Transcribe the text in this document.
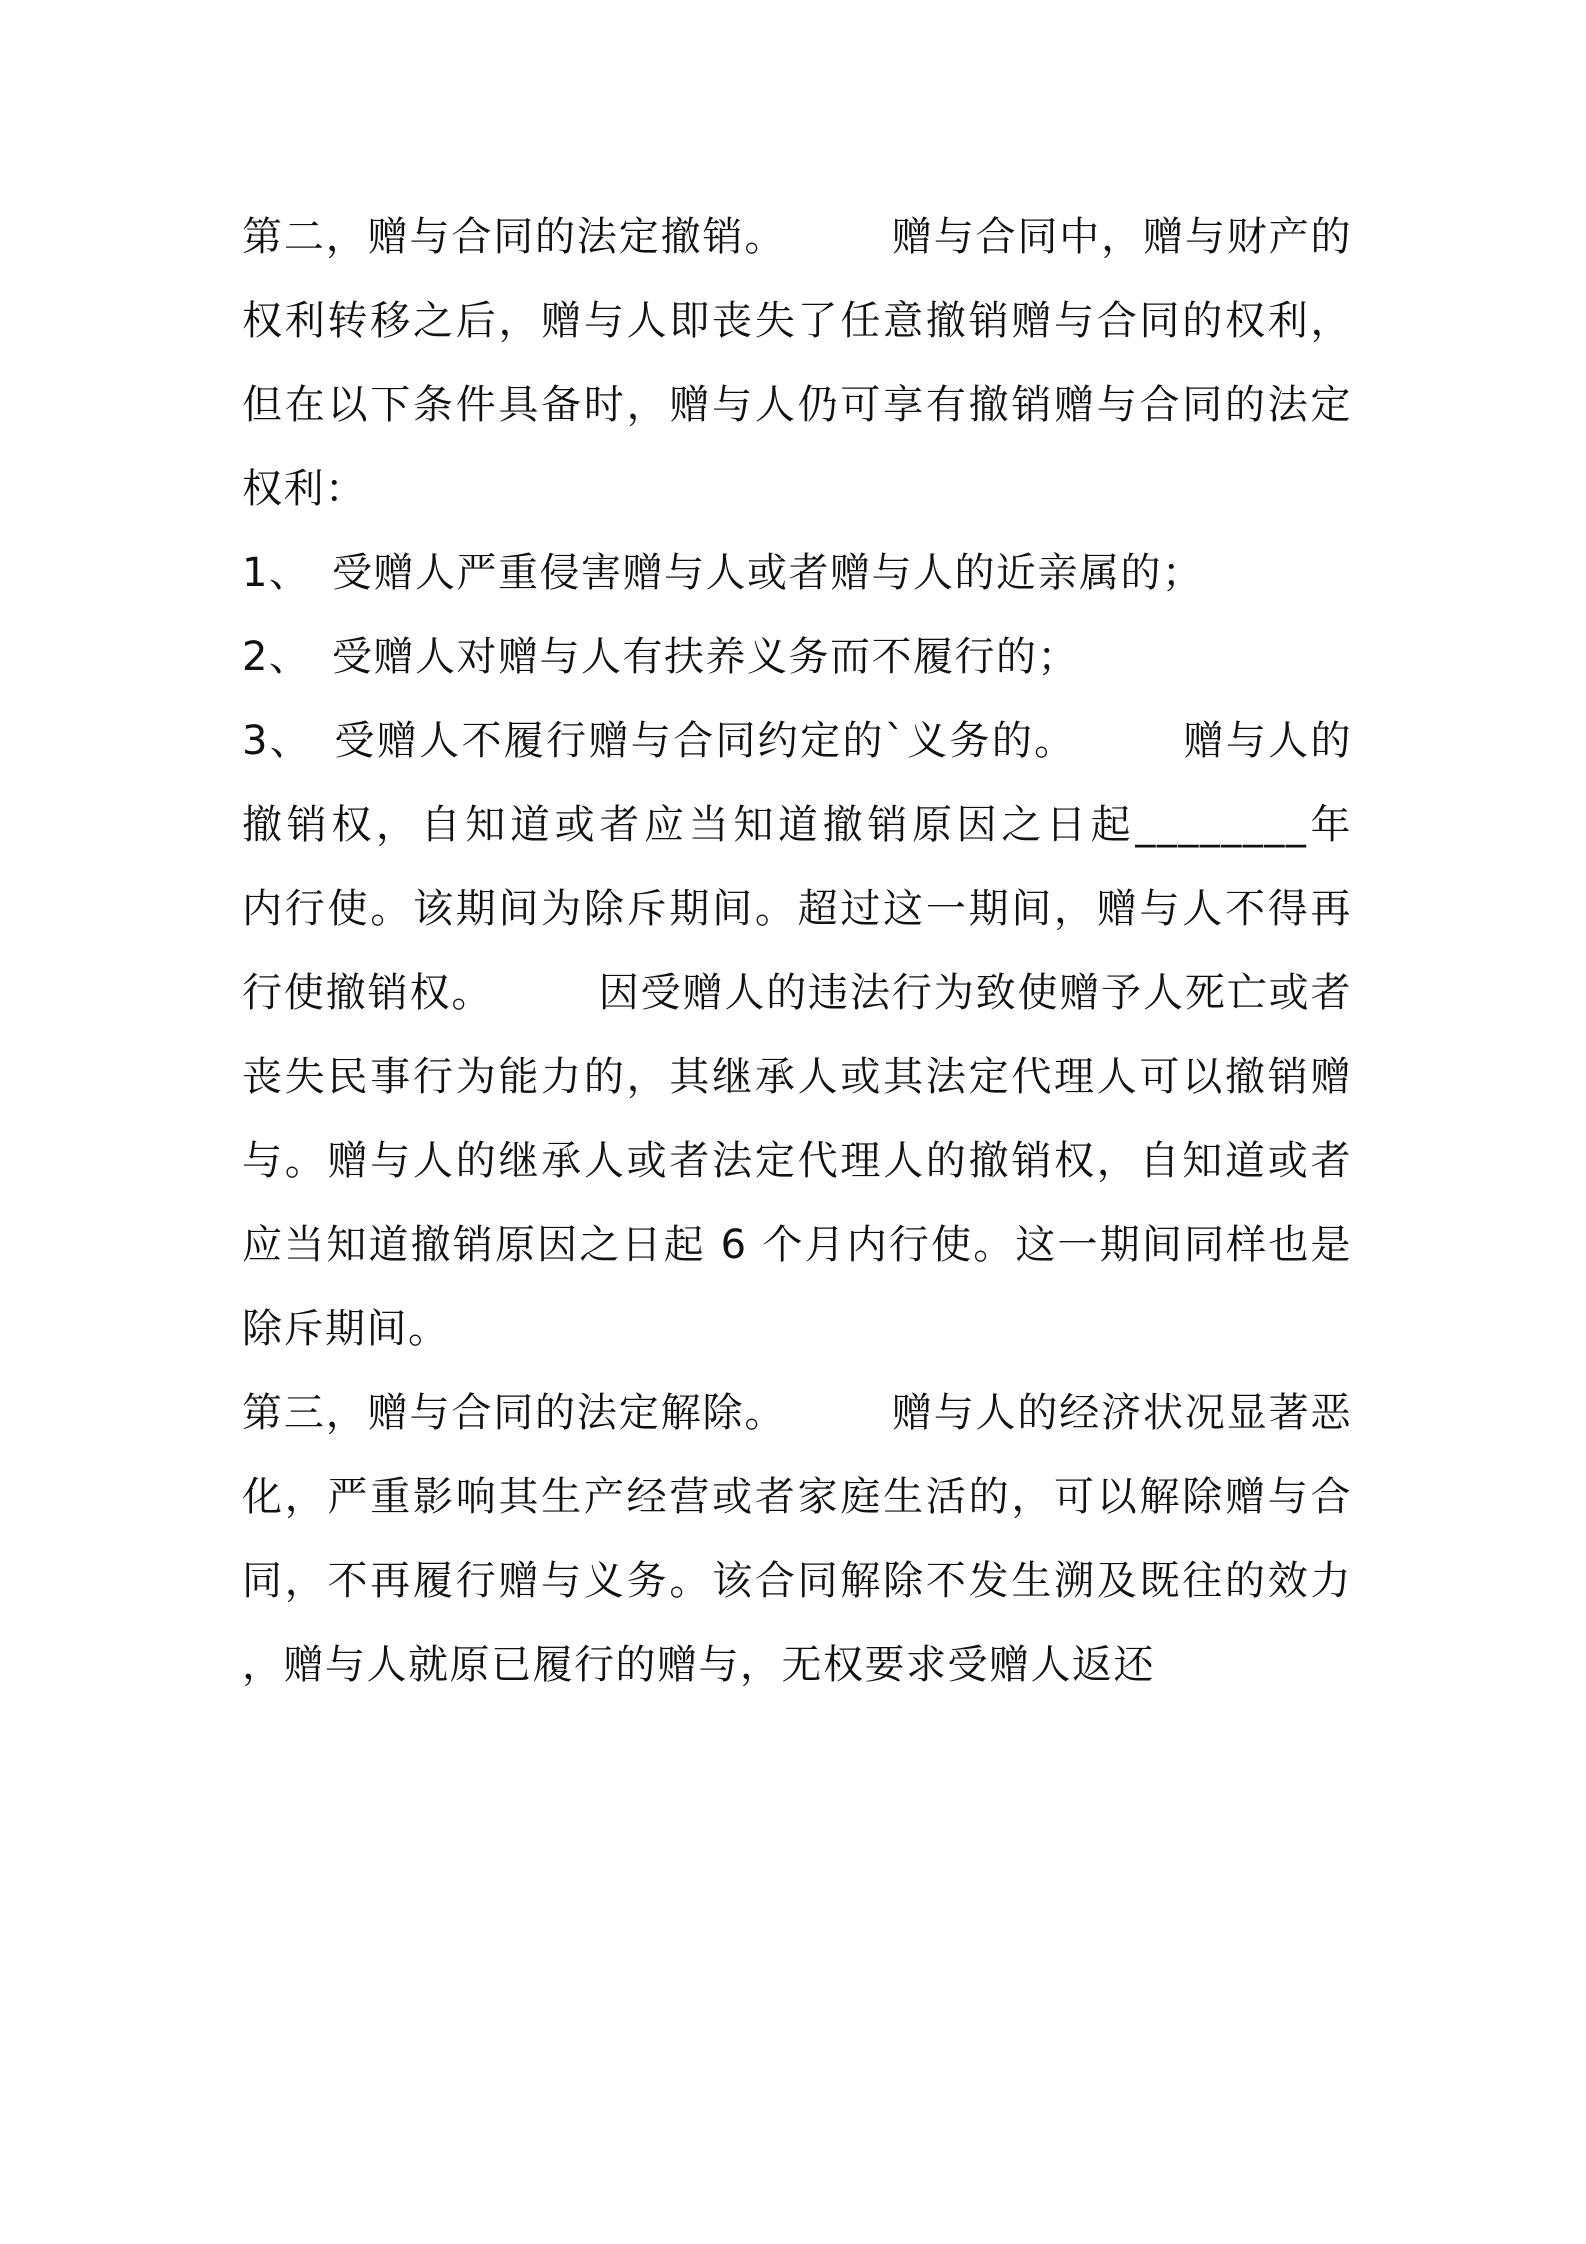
第二，赠与合同的法定撤销。　　　赠与合同中，赠与财产的
权利转移之后，赠与人即丧失了任意撤销赠与合同的权利，
但在以下条件具备时，赠与人仍可享有撤销赠与合同的法定
权利：
1、　受赠人严重侵害赠与人或者赠与人的近亲属的；
2、　受赠人对赠与人有扶养义务而不履行的；
3、　受赠人不履行赠与合同约定的`义务的。　　　赠与人的
撤销权，自知道或者应当知道撤销原因之日起________年
内行使。该期间为除斥期间。超过这一期间，赠与人不得再
行使撤销权。　　　因受赠人的违法行为致使赠予人死亡或者
丧失民事行为能力的，其继承人或其法定代理人可以撤销赠
与。赠与人的继承人或者法定代理人的撤销权，自知道或者
应当知道撤销原因之日起 6 个月内行使。这一期间同样也是
除斥期间。
第三，赠与合同的法定解除。　　　赠与人的经济状况显著恶
化，严重影响其生产经营或者家庭生活的，可以解除赠与合
同，不再履行赠与义务。该合同解除不发生溯及既往的效力
，赠与人就原已履行的赠与，无权要求受赠人返还
